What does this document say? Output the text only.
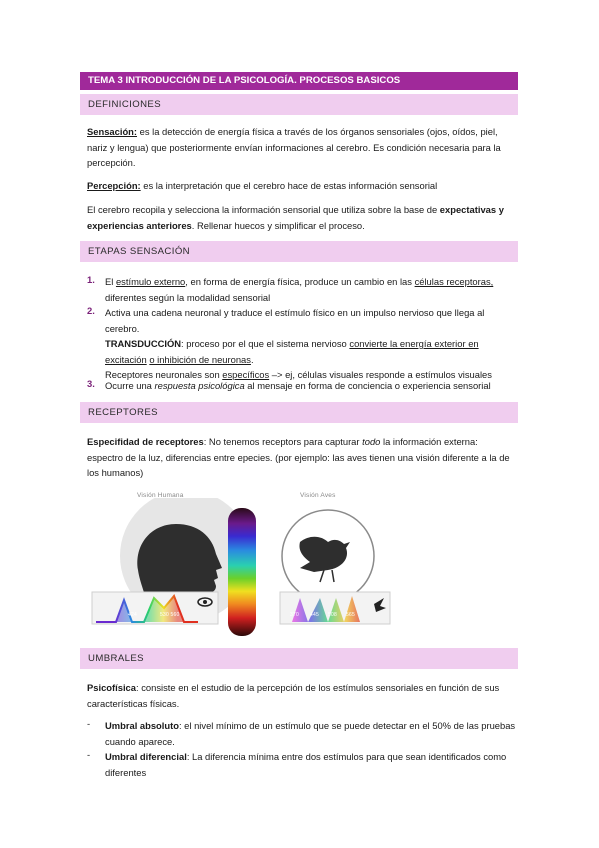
TEMA 3 INTRODUCCIÓN DE LA PSICOLOGÍA. PROCESOS BASICOS
DEFINICIONES
Sensación: es la detección de energía física a través de los órganos sensoriales (ojos, oídos, piel, nariz y lengua) que posteriormente envían informaciones al cerebro. Es condición necesaria para la percepción.
Percepción: es la interpretación que el cerebro hace de estas información sensorial
El cerebro recopila y selecciona la información sensorial que utiliza sobre la base de expectativas y experiencias anteriores. Rellenar huecos y simplificar el proceso.
ETAPAS SENSACIÓN
1.	El estímulo externo, en forma de energía física, produce un cambio en las células receptoras,
diferentes según la modalidad sensorial
2.	Activa una cadena neuronal y traduce el estímulo físico en un impulso nervioso que llega al cerebro.
TRANSDUCCIÓN: proceso por el que el sistema nervioso convierte la energía exterior en excitación o inhibición de neuronas.
Receptores neuronales son específicos –> ej, células visuales responde a estímulos visuales
3.	Ocurre una respuesta psicológica al mensaje en forma de conciencia o experiencia sensorial
RECEPTORES
Especifidad de receptores: No tenemos receptors para capturar todo la información externa: espectro de la luz, diferencias entre epecies. (por ejemplo: las aves tienen una visión diferente a la de los humanos)
Visión Humana	Visión Aves
424	530 560	370 445 508 565
UMBRALES
Psicofísica: consiste en el estudio de la percepción de los estímulos sensoriales en función de sus características físicas.
-	Umbral absoluto: el nivel mínimo de un estímulo que se puede detectar en el 50% de las pruebas cuando aparece.
-	Umbral diferencial: La diferencia mínima entre dos estímulos para que sean identificados como diferentes
